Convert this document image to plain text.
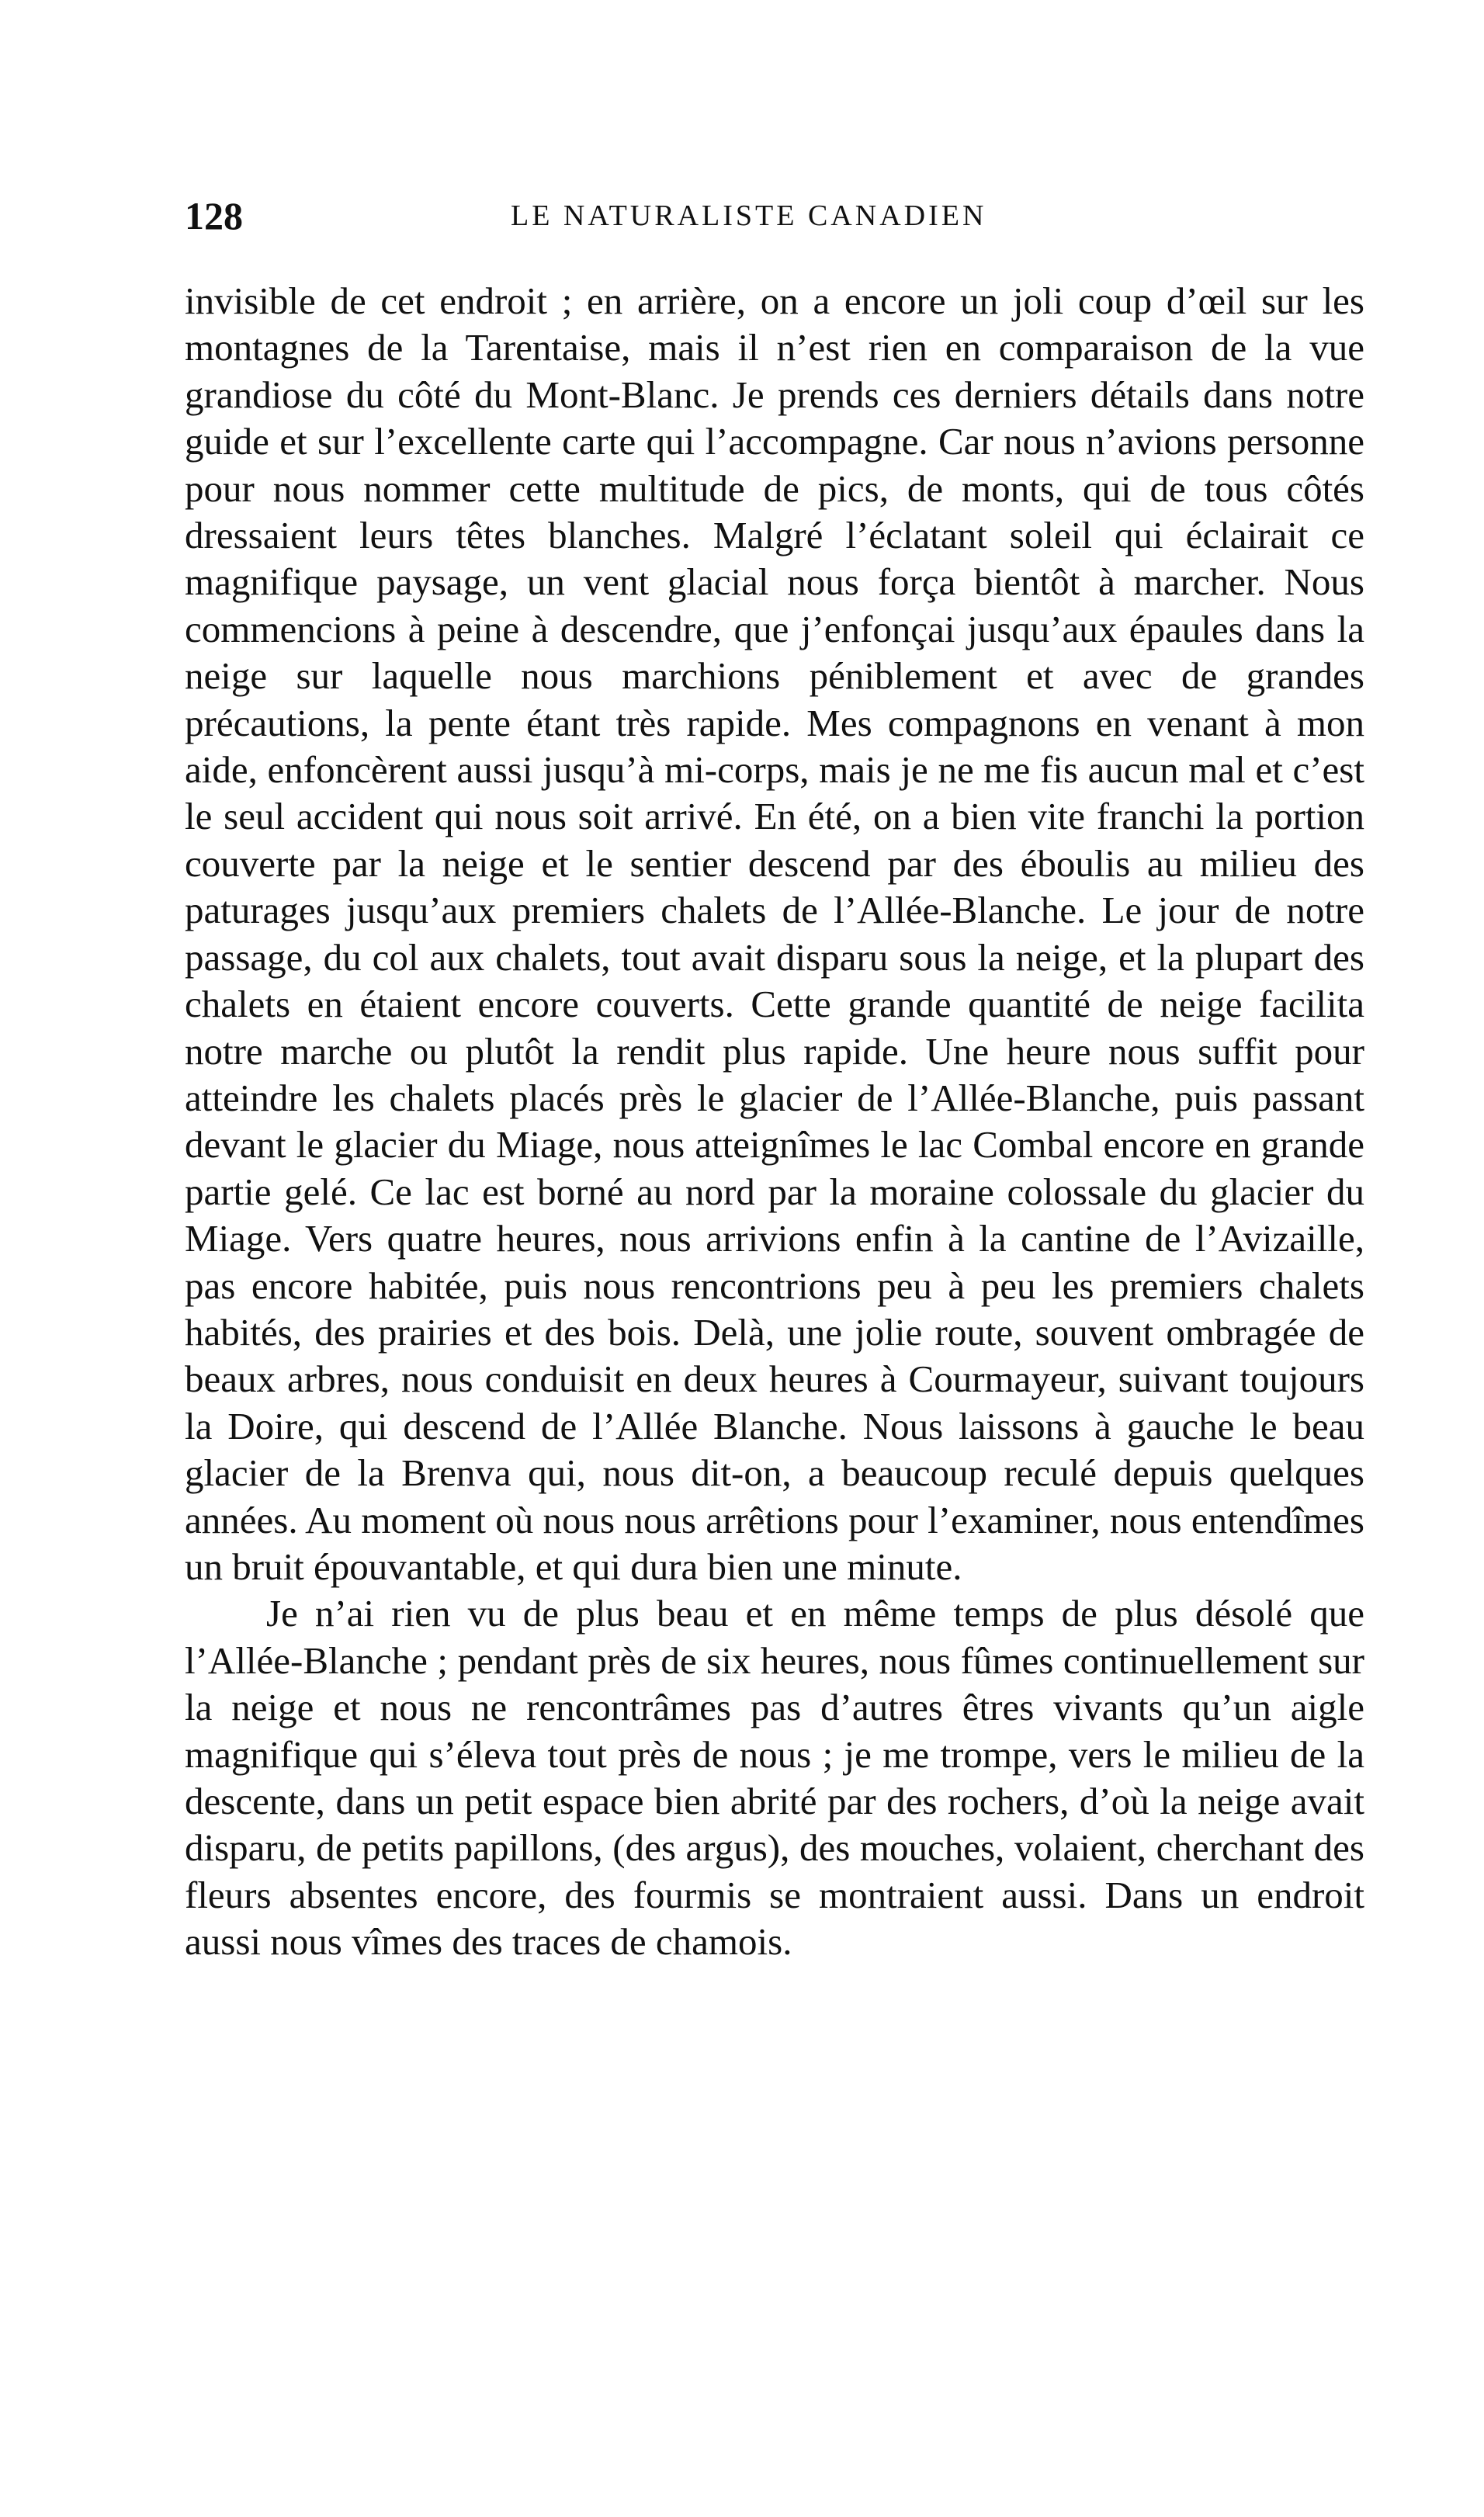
128	LE NATURALISTE CANADIEN

invisible de cet endroit ; en arrière, on a encore un joli coup d’œil sur les montagnes de la Tarentaise, mais il n’est rien en comparaison de la vue grandiose du côté du Mont-Blanc. Je prends ces derniers détails dans notre guide et sur l’excellente carte qui l’accompagne. Car nous n’avions personne pour nous nommer cette multitude de pics, de monts, qui de tous côtés dressaient leurs têtes blanches. Malgré l’éclatant soleil qui éclairait ce magnifique paysage, un vent glacial nous força bientôt à marcher. Nous commencions à peine à descendre, que j’enfonçai jusqu’aux épaules dans la neige sur laquelle nous marchions péniblement et avec de grandes précautions, la pente étant très rapide. Mes compagnons en venant à mon aide, enfoncèrent aussi jusqu’à mi-corps, mais je ne me fis aucun mal et c’est le seul accident qui nous soit arrivé. En été, on a bien vite franchi la portion couverte par la neige et le sentier descend par des éboulis au milieu des paturages jusqu’aux premiers chalets de l’Allée-Blanche. Le jour de notre passage, du col aux chalets, tout avait disparu sous la neige, et la plupart des chalets en étaient encore couverts. Cette grande quantité de neige facilita notre marche ou plutôt la rendit plus rapide. Une heure nous suffit pour atteindre les chalets placés près le glacier de l’Allée-Blanche, puis passant devant le glacier du Miage, nous atteignîmes le lac Combal encore en grande partie gelé. Ce lac est borné au nord par la moraine colossale du glacier du Miage. Vers quatre heures, nous arrivions enfin à la cantine de l’Avizaille, pas encore habitée, puis nous rencontrions peu à peu les premiers chalets habités, des prairies et des bois. Delà, une jolie route, souvent ombragée de beaux arbres, nous conduisit en deux heures à Courmayeur, suivant toujours la Doire, qui descend de l’Allée Blanche. Nous laissons à gauche le beau glacier de la Brenva qui, nous dit-on, a beaucoup reculé depuis quelques années. Au moment où nous nous arrêtions pour l’examiner, nous entendîmes un bruit épouvantable, et qui dura bien une minute.

Je n’ai rien vu de plus beau et en même temps de plus désolé que l’Allée-Blanche ; pendant près de six heures, nous fûmes continuellement sur la neige et nous ne rencontrâmes pas d’autres êtres vivants qu’un aigle magnifique qui s’éleva tout près de nous ; je me trompe, vers le milieu de la descente, dans un petit espace bien abrité par des rochers, d’où la neige avait disparu, de petits papillons, (des argus), des mouches, volaient, cherchant des fleurs absentes encore, des fourmis se montraient aussi. Dans un endroit aussi nous vîmes des traces de chamois.
